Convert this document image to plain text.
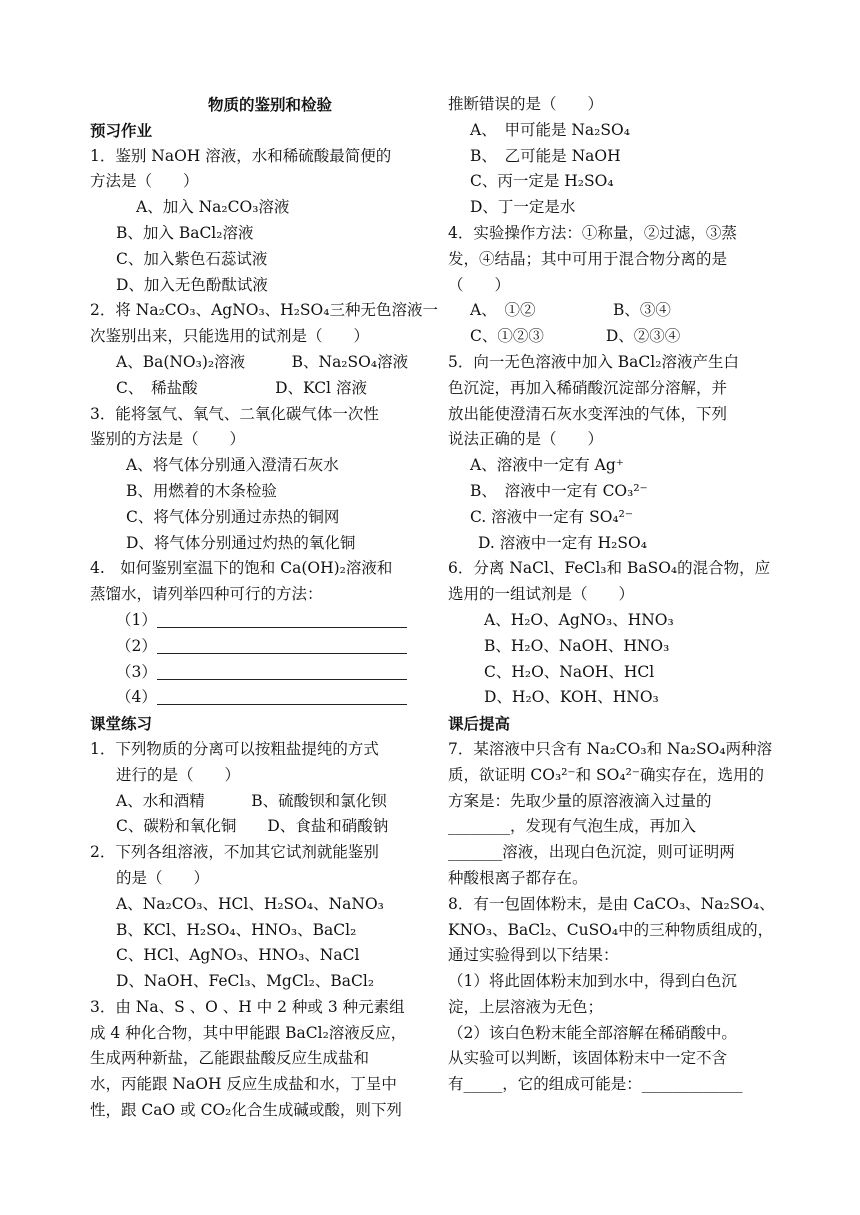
物质的鉴别和检验
预习作业
1．鉴别 NaOH 溶液，水和稀硫酸最简便的
方法是（　　）
A、加入 Na₂CO₃溶液
B、加入 BaCl₂溶液
C、加入紫色石蕊试液
D、加入无色酚酞试液
2．将 Na₂CO₃、AgNO₃、H₂SO₄三种无色溶液一
次鉴别出来，只能选用的试剂是（　　）
A、Ba(NO₃)₂溶液　　　B、Na₂SO₄溶液
C、　稀盐酸　　　　　D、KCl 溶液
3．能将氢气、氧气、二氧化碳气体一次性
鉴别的方法是（　　）
A、将气体分别通入澄清石灰水
B、用燃着的木条检验
C、将气体分别通过赤热的铜网
D、将气体分别通过灼热的氧化铜
4.　如何鉴别室温下的饱和 Ca(OH)₂溶液和
蒸馏水，请列举四种可行的方法：
（1）
（2）
（3）
（4）
课堂练习
1．下列物质的分离可以按粗盐提纯的方式
进行的是（　　）
A、水和酒精　　　B、硫酸钡和氯化钡
C、碳粉和氧化铜　　D、食盐和硝酸钠
2．下列各组溶液，不加其它试剂就能鉴别
的是（　　）
A、Na₂CO₃、HCl、H₂SO₄、NaNO₃
B、KCl、H₂SO₄、HNO₃、BaCl₂
C、HCl、AgNO₃、HNO₃、NaCl
D、NaOH、FeCl₃、MgCl₂、BaCl₂
3．由 Na、S 、O 、H 中 2 种或 3 种元素组
成 4 种化合物，其中甲能跟 BaCl₂溶液反应，
生成两种新盐，乙能跟盐酸反应生成盐和
水，丙能跟 NaOH 反应生成盐和水，丁呈中
性，跟 CaO 或 CO₂化合生成碱或酸，则下列
推断错误的是（　　）
A、　甲可能是 Na₂SO₄
B、　乙可能是 NaOH
C、丙一定是 H₂SO₄
D、丁一定是水
4．实验操作方法：①称量，②过滤，③蒸
发，④结晶；其中可用于混合物分离的是
（　　）
A、　①②　　　　　B、③④
C、①②③　　　　D、②③④
5．向一无色溶液中加入 BaCl₂溶液产生白
色沉淀，再加入稀硝酸沉淀部分溶解，并
放出能使澄清石灰水变浑浊的气体，下列
说法正确的是（　　）
A、溶液中一定有 Ag⁺
B、　溶液中一定有 CO₃²⁻
C. 溶液中一定有 SO₄²⁻
D. 溶液中一定有 H₂SO₄
6．分离 NaCl、FeCl₃和 BaSO₄的混合物，应
选用的一组试剂是（　　）
A、H₂O、AgNO₃、HNO₃
B、H₂O、NaOH、HNO₃
C、H₂O、NaOH、HCl
D、H₂O、KOH、HNO₃
课后提高
7．某溶液中只含有 Na₂CO₃和 Na₂SO₄两种溶
质，欲证明 CO₃²⁻和 SO₄²⁻确实存在，选用的
方案是：先取少量的原溶液滴入过量的
________，发现有气泡生成，再加入
_______溶液，出现白色沉淀，则可证明两
种酸根离子都存在。
8．有一包固体粉末，是由 CaCO₃、Na₂SO₄、
KNO₃、BaCl₂、CuSO₄中的三种物质组成的，
通过实验得到以下结果：
（1）将此固体粉末加到水中，得到白色沉
淀，上层溶液为无色；
（2）该白色粉末能全部溶解在稀硝酸中。
从实验可以判断，该固体粉末中一定不含
有_____，它的组成可能是：_____________
